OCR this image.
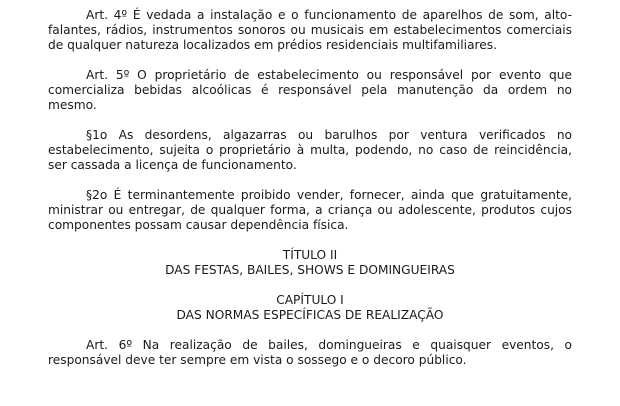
Art. 4º É vedada a instalação e o funcionamento de aparelhos de som, alto-falantes, rádios, instrumentos sonoros ou musicais em estabelecimentos comerciais de qualquer natureza localizados em prédios residenciais multifamiliares.

Art. 5º O proprietário de estabelecimento ou responsável por evento que comercializa bebidas alcoólicas é responsável pela manutenção da ordem no mesmo.

§1o As desordens, algazarras ou barulhos por ventura verificados no estabelecimento, sujeita o proprietário à multa, podendo, no caso de reincidência, ser cassada a licença de funcionamento.

§2o É terminantemente proibido vender, fornecer, ainda que gratuitamente, ministrar ou entregar, de qualquer forma, a criança ou adolescente, produtos cujos componentes possam causar dependência física.

TÍTULO II

DAS FESTAS, BAILES, SHOWS E DOMINGUEIRAS

CAPÍTULO I

DAS NORMAS ESPECÍFICAS DE REALIZAÇÃO

Art. 6º Na realização de bailes, domingueiras e quaisquer eventos, o responsável deve ter sempre em vista o sossego e o decoro público.
